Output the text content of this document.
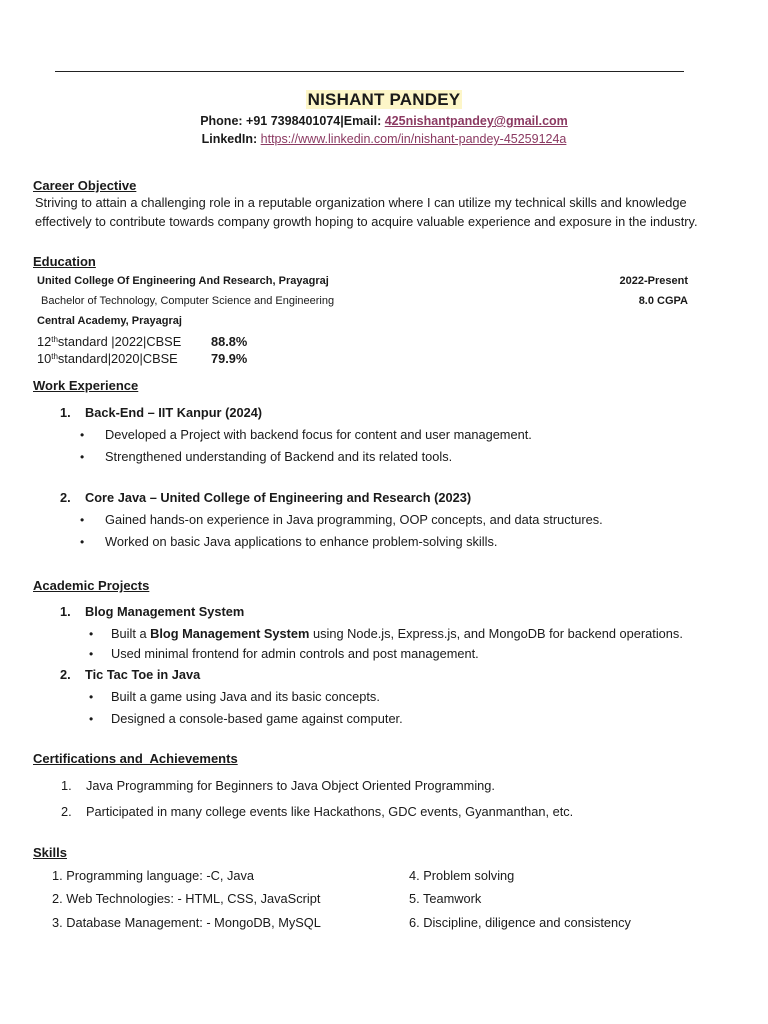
NISHANT PANDEY
Phone: +91 7398401074|Email: 425nishantpandey@gmail.com
LinkedIn: https://www.linkedin.com/in/nishant-pandey-45259124a
Career Objective
Striving to attain a challenging role in a reputable organization where I can utilize my technical skills and knowledge
effectively to contribute towards company growth hoping to acquire valuable experience and exposure in the industry.
Education
United College Of Engineering And Research, Prayagraj	2022-Present
Bachelor of Technology, Computer Science and Engineering	8.0 CGPA
Central Academy, Prayagraj
12thstandard |2022|CBSE 88.8%
10thstandard|2020|CBSE	79.9%
Work Experience
1. Back-End – IIT Kanpur (2024)
• Developed a Project with backend focus for content and user management.
• Strengthened understanding of Backend and its related tools.
2. Core Java – United College of Engineering and Research (2023)
• Gained hands-on experience in Java programming, OOP concepts, and data structures.
• Worked on basic Java applications to enhance problem-solving skills.
Academic Projects
1. Blog Management System
• Built a Blog Management System using Node.js, Express.js, and MongoDB for backend operations.
• Used minimal frontend for admin controls and post management.
2. Tic Tac Toe in Java
• Built a game using Java and its basic concepts.
• Designed a console-based game against computer.
Certifications and  Achievements
1. Java Programming for Beginners to Java Object Oriented Programming.
2. Participated in many college events like Hackathons, GDC events, Gyanmanthan, etc.
Skills
1. Programming language: -C, Java
2. Web Technologies: - HTML, CSS, JavaScript
3. Database Management: - MongoDB, MySQL
4. Problem solving
5. Teamwork
6. Discipline, diligence and consistency
